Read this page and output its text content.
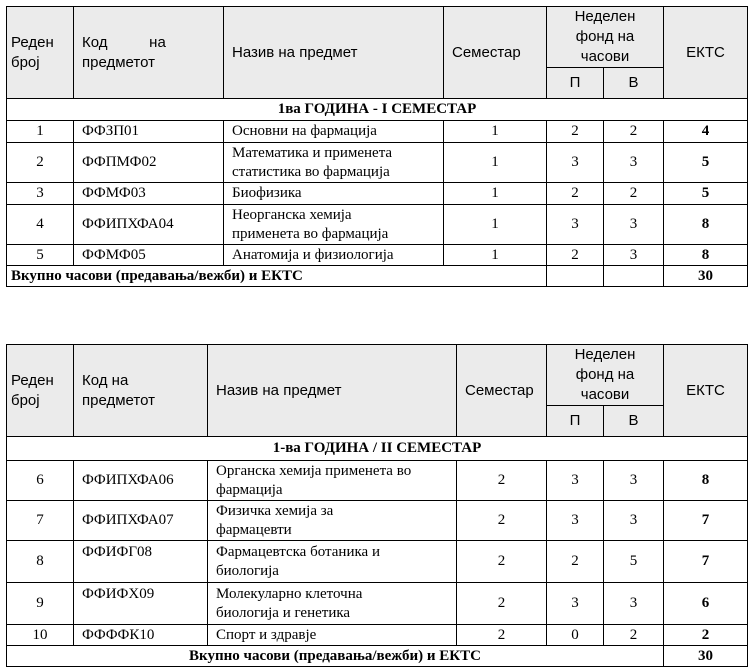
Реден
број	Код          на
предметот	Назив на предмет	Семестар	Неделен
фонд на
часови		ЕКТС
				П	В	
1ва ГОДИНА - I СЕМЕСТАР						
1	ФФЗП01	Основни на фармација	1	2	2	4
2	ФФПМФ02	Математика и применета
статистика во фармација	1	3	3	5
3	ФФМФ03	Биофизика	1	2	2	5
4	ФФИПХФА04	Неорганска хемија
применета во фармација	1	3	3	8
5	ФФМФ05	Анатомија и физиологија	1	2	3	8
Вкупно часови (предавања/вежби) и ЕКТС						30
Реден
број	Код на
предметот	Назив на предмет	Семестар	Неделен
фонд на
часови		ЕКТС
				П	В	
1-ва ГОДИНА / II СЕМЕСТАР						
6	ФФИПХФА06	Органска хемија применета во
фармација	2	3	3	8
7	ФФИПХФА07	Физичка хемија за
фармацевти	2	3	3	7
8	ФФИФГ08	Фармацевтска ботаника и
биологија	2	2	5	7
9	ФФИФХ09	Молекуларно клеточна
биологија и генетика	2	3	3	6
10	ФФФФК10	Спорт и здравје	2	0	2	2
Вкупно часови (предавања/вежби) и ЕКТС						30
